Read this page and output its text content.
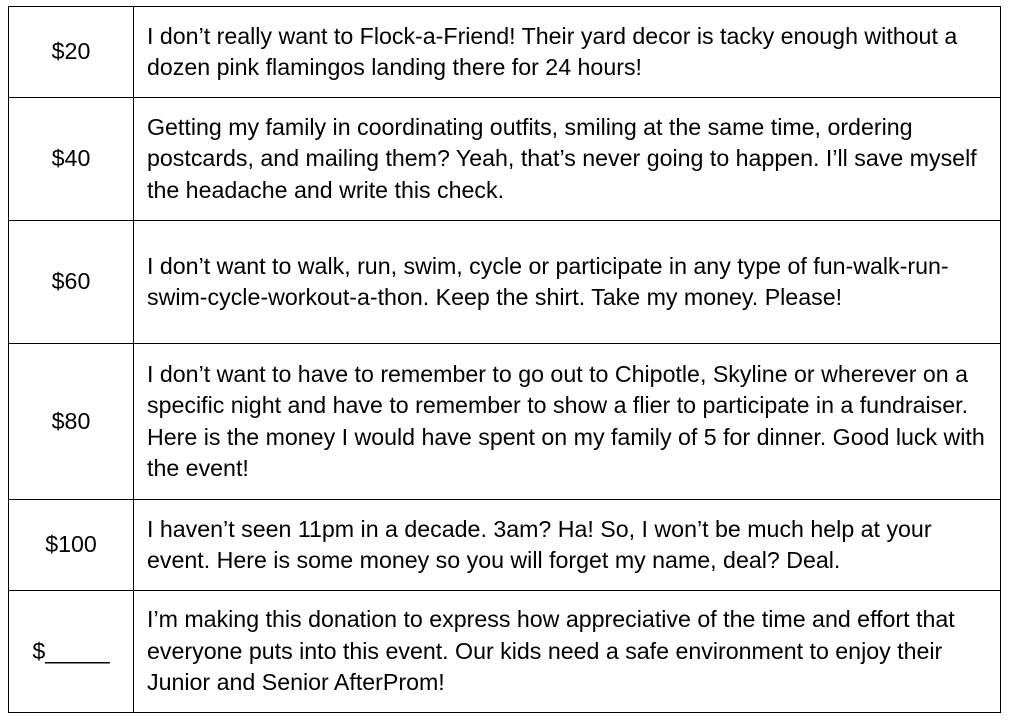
$20	I don’t really want to Flock-a-Friend! Their yard decor is tacky enough without a dozen pink flamingos landing there for 24 hours!
$40	Getting my family in coordinating outfits, smiling at the same time, ordering postcards, and mailing them? Yeah, that’s never going to happen. I’ll save myself the headache and write this check.
$60	I don’t want to walk, run, swim, cycle or participate in any type of fun-walk-run-swim-cycle-workout-a-thon. Keep the shirt. Take my money. Please!
$80	I don’t want to have to remember to go out to Chipotle, Skyline or wherever on a specific night and have to remember to show a flier to participate in a fundraiser. Here is the money I would have spent on my family of 5 for dinner. Good luck with the event!
$100	I haven’t seen 11pm in a decade. 3am? Ha! So, I won’t be much help at your event. Here is some money so you will forget my name, deal? Deal.
$_____	I’m making this donation to express how appreciative of the time and effort that everyone puts into this event. Our kids need a safe environment to enjoy their Junior and Senior AfterProm!
